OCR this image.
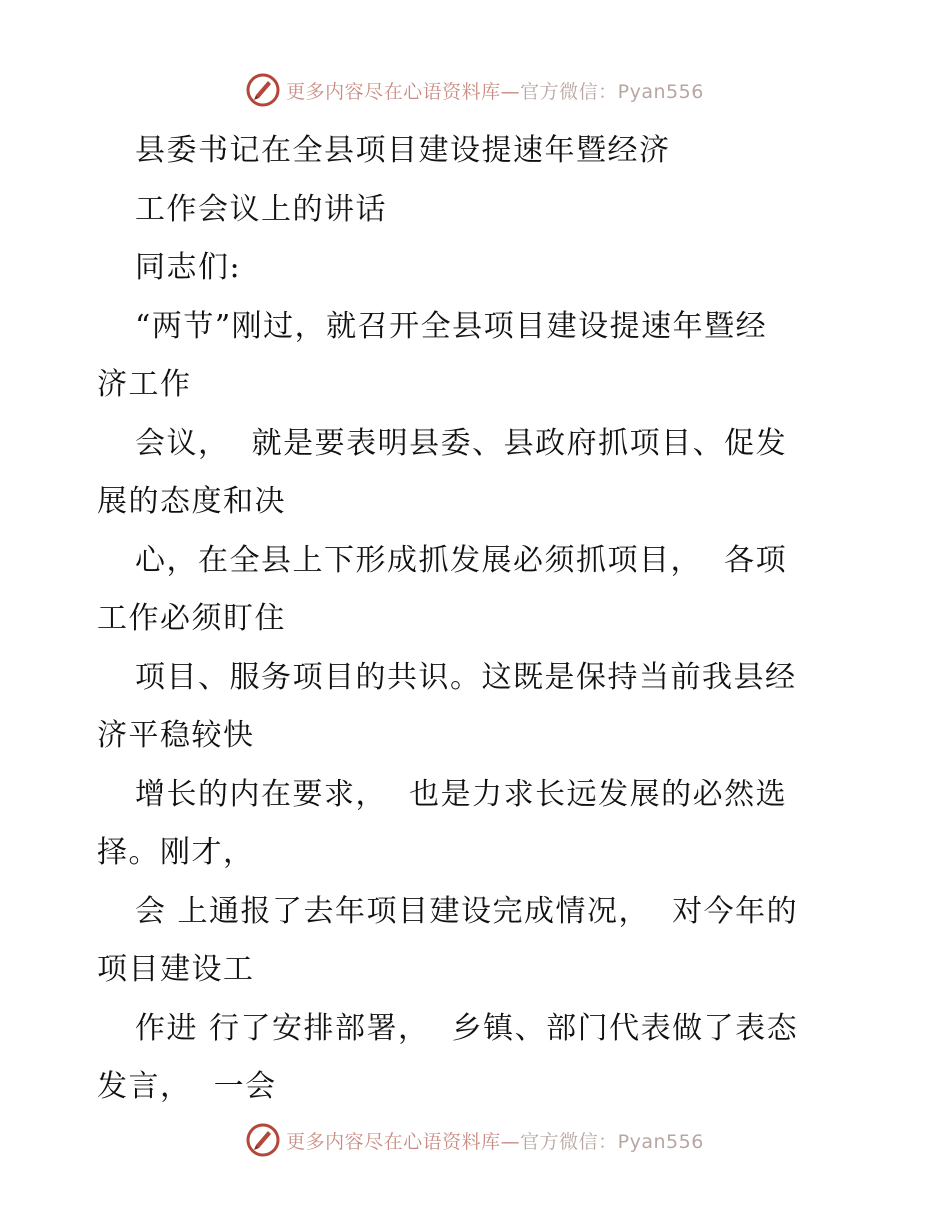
更多内容尽在心语资料库—官方微信：Pyan556
县委书记在全县项目建设提速年暨经济
工作会议上的讲话
同志们:
“两节”刚过，就召开全县项目建设提速年暨经
济工作
会议，  就是要表明县委、县政府抓项目、促发
展的态度和决
心，在全县上下形成抓发展必须抓项目，  各项
工作必须盯住
项目、服务项目的共识。这既是保持当前我县经
济平稳较快
增长的内在要求，  也是力求长远发展的必然选
择。刚才，
会 上通报了去年项目建设完成情况，  对今年的
项目建设工
作进 行了安排部署，  乡镇、部门代表做了表态
发言，  一会
更多内容尽在心语资料库—官方微信：Pyan556
